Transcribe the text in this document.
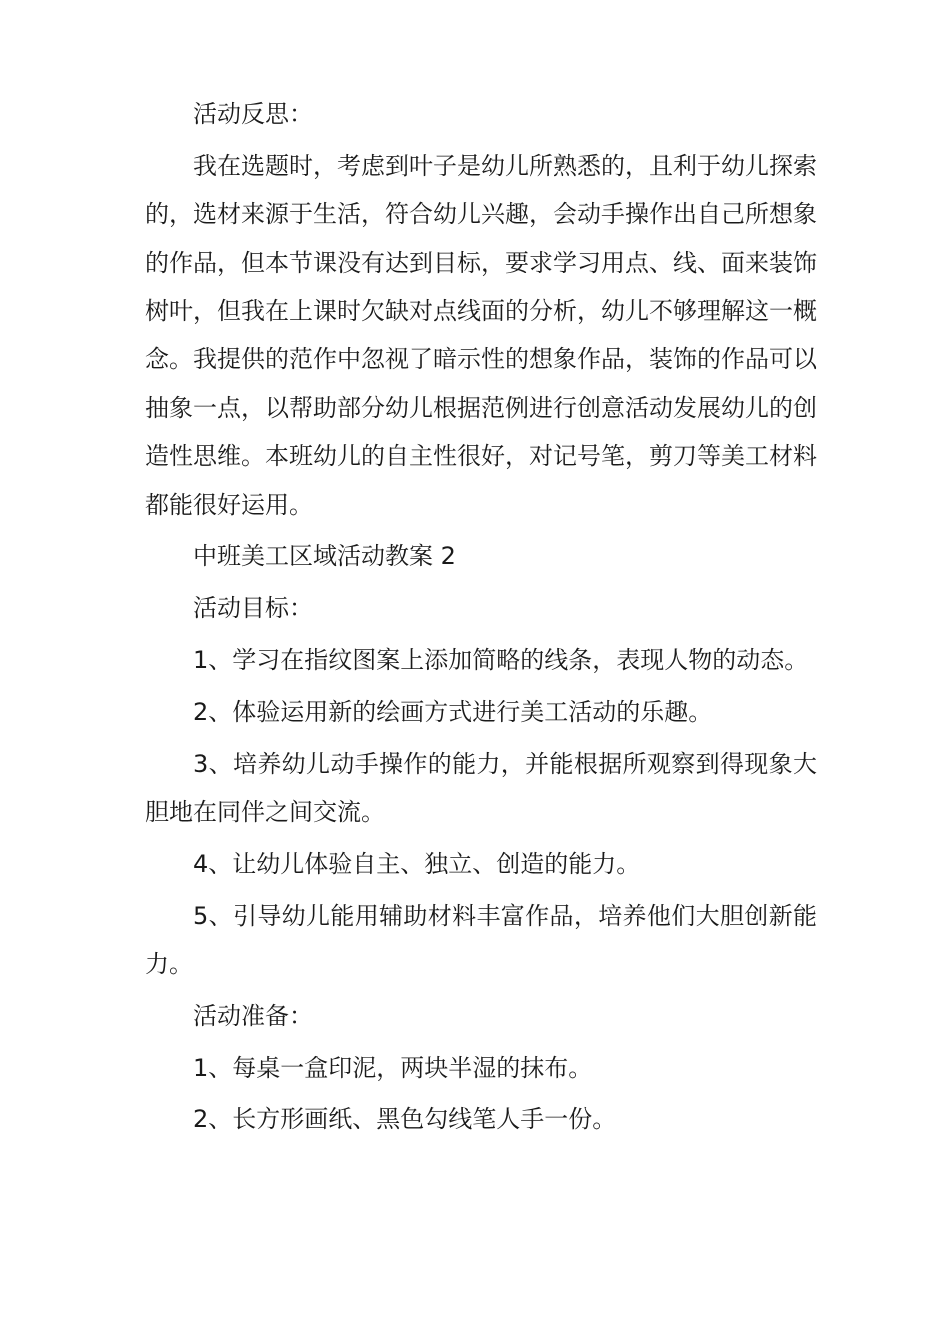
活动反思：

我在选题时，考虑到叶子是幼儿所熟悉的，且利于幼儿探索的，选材来源于生活，符合幼儿兴趣，会动手操作出自己所想象的作品，但本节课没有达到目标，要求学习用点、线、面来装饰树叶，但我在上课时欠缺对点线面的分析，幼儿不够理解这一概念。我提供的范作中忽视了暗示性的想象作品，装饰的作品可以抽象一点，以帮助部分幼儿根据范例进行创意活动发展幼儿的创造性思维。本班幼儿的自主性很好，对记号笔，剪刀等美工材料都能很好运用。

中班美工区域活动教案 2

活动目标：

1、学习在指纹图案上添加简略的线条，表现人物的动态。

2、体验运用新的绘画方式进行美工活动的乐趣。

3、培养幼儿动手操作的能力，并能根据所观察到得现象大胆地在同伴之间交流。

4、让幼儿体验自主、独立、创造的能力。

5、引导幼儿能用辅助材料丰富作品，培养他们大胆创新能力。

活动准备：

1、每桌一盒印泥，两块半湿的抹布。

2、长方形画纸、黑色勾线笔人手一份。
